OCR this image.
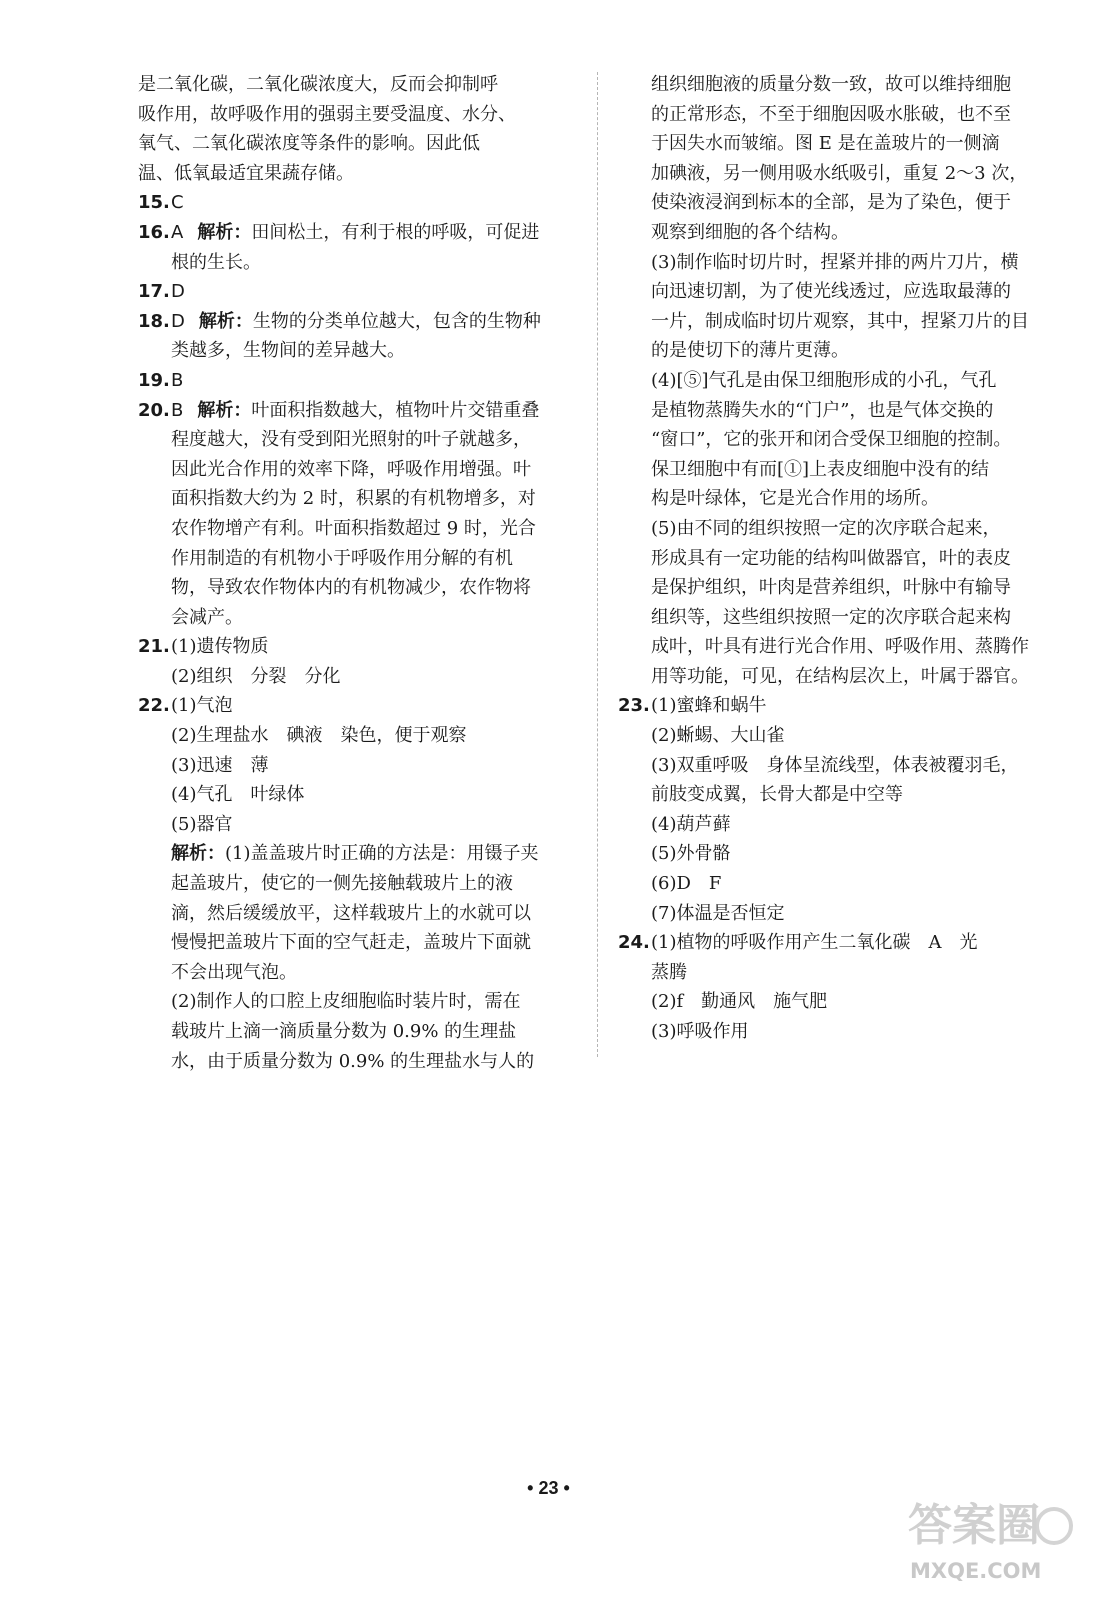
是二氧化碳，二氧化碳浓度大，反而会抑制呼
吸作用，故呼吸作用的强弱主要受温度、水分、
氧气、二氧化碳浓度等条件的影响。因此低
温、低氧最适宜果蔬存储。
15.C
16.A 解析：田间松土，有利于根的呼吸，可促进
根的生长。
17.D
18.D 解析：生物的分类单位越大，包含的生物种
类越多，生物间的差异越大。
19.B
20.B 解析：叶面积指数越大，植物叶片交错重叠
程度越大，没有受到阳光照射的叶子就越多，
因此光合作用的效率下降，呼吸作用增强。叶
面积指数大约为 2 时，积累的有机物增多，对
农作物增产有利。叶面积指数超过 9 时，光合
作用制造的有机物小于呼吸作用分解的有机
物，导致农作物体内的有机物减少，农作物将
会减产。
21.(1)遗传物质
(2)组织　分裂　分化
22.(1)气泡
(2)生理盐水　碘液　染色，便于观察
(3)迅速　薄
(4)气孔　叶绿体
(5)器官
解析：(1)盖盖玻片时正确的方法是：用镊子夹
起盖玻片，使它的一侧先接触载玻片上的液
滴，然后缓缓放平，这样载玻片上的水就可以
慢慢把盖玻片下面的空气赶走，盖玻片下面就
不会出现气泡。
(2)制作人的口腔上皮细胞临时装片时，需在
载玻片上滴一滴质量分数为 0.9% 的生理盐
水，由于质量分数为 0.9% 的生理盐水与人的
组织细胞液的质量分数一致，故可以维持细胞
的正常形态，不至于细胞因吸水胀破，也不至
于因失水而皱缩。图 E 是在盖玻片的一侧滴
加碘液，另一侧用吸水纸吸引，重复 2～3 次，
使染液浸润到标本的全部，是为了染色，便于
观察到细胞的各个结构。
(3)制作临时切片时，捏紧并排的两片刀片，横
向迅速切割，为了使光线透过，应选取最薄的
一片，制成临时切片观察，其中，捏紧刀片的目
的是使切下的薄片更薄。
(4)[⑤]气孔是由保卫细胞形成的小孔，气孔
是植物蒸腾失水的“门户”，也是气体交换的
“窗口”，它的张开和闭合受保卫细胞的控制。
保卫细胞中有而[①]上表皮细胞中没有的结
构是叶绿体，它是光合作用的场所。
(5)由不同的组织按照一定的次序联合起来，
形成具有一定功能的结构叫做器官，叶的表皮
是保护组织，叶肉是营养组织，叶脉中有输导
组织等，这些组织按照一定的次序联合起来构
成叶，叶具有进行光合作用、呼吸作用、蒸腾作
用等功能，可见，在结构层次上，叶属于器官。
23.(1)蜜蜂和蜗牛
(2)蜥蜴、大山雀
(3)双重呼吸　身体呈流线型，体表被覆羽毛，
前肢变成翼，长骨大都是中空等
(4)葫芦藓
(5)外骨骼
(6)D　F
(7)体温是否恒定
24.(1)植物的呼吸作用产生二氧化碳　A　光
蒸腾
(2)f　勤通风　施气肥
(3)呼吸作用
• 23 •
答案圈
MXQE.COM
